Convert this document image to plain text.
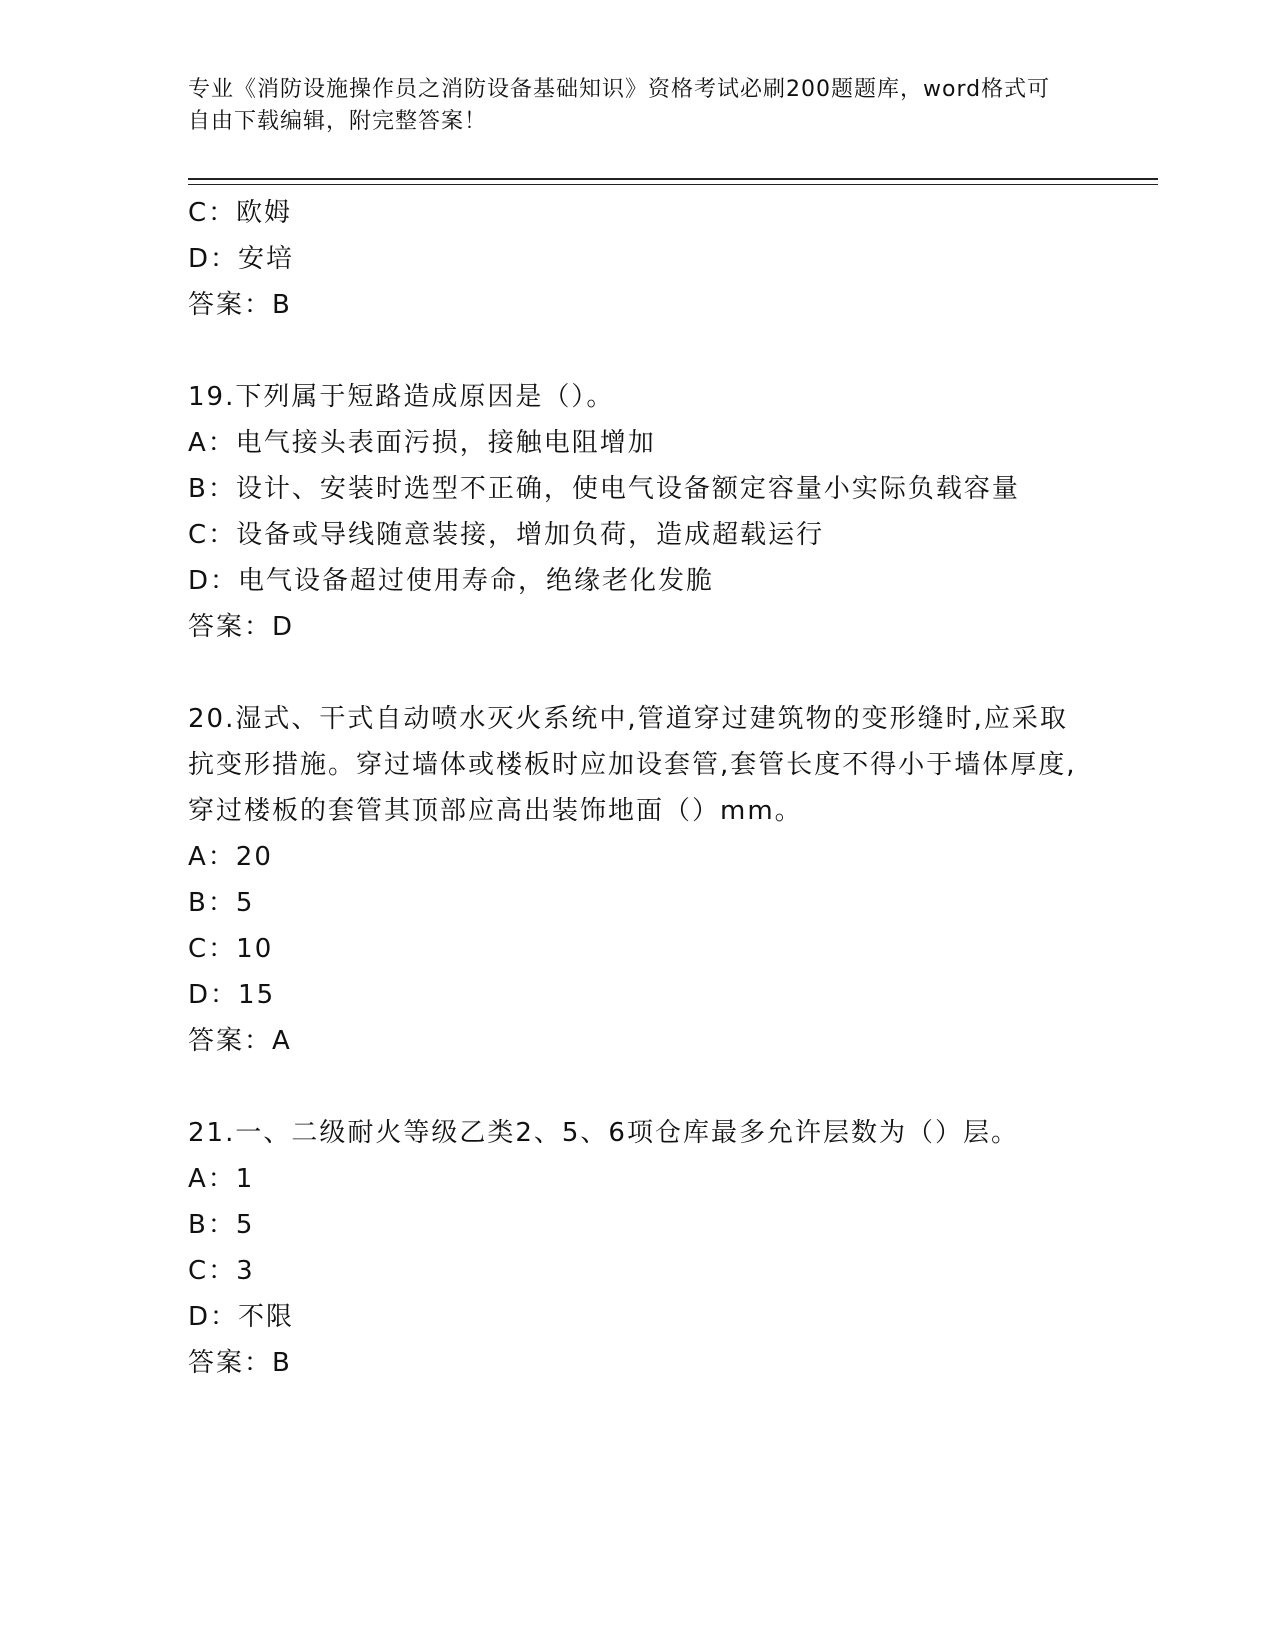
专业《消防设施操作员之消防设备基础知识》资格考试必刷200题题库，word格式可自由下载编辑，附完整答案！
C：欧姆
D：安培
答案：B
19.下列属于短路造成原因是（）。
A：电气接头表面污损，接触电阻增加
B：设计、安装时选型不正确，使电气设备额定容量小实际负载容量
C：设备或导线随意装接，增加负荷，造成超载运行
D：电气设备超过使用寿命，绝缘老化发脆
答案：D
20.湿式、干式自动喷水灭火系统中,管道穿过建筑物的变形缝时,应采取抗变形措施。穿过墙体或楼板时应加设套管,套管长度不得小于墙体厚度,穿过楼板的套管其顶部应高出装饰地面（）mm。
A：20
B：5
C：10
D：15
答案：A
21.一、二级耐火等级乙类2、5、6项仓库最多允许层数为（）层。
A：1
B：5
C：3
D：不限
答案：B
